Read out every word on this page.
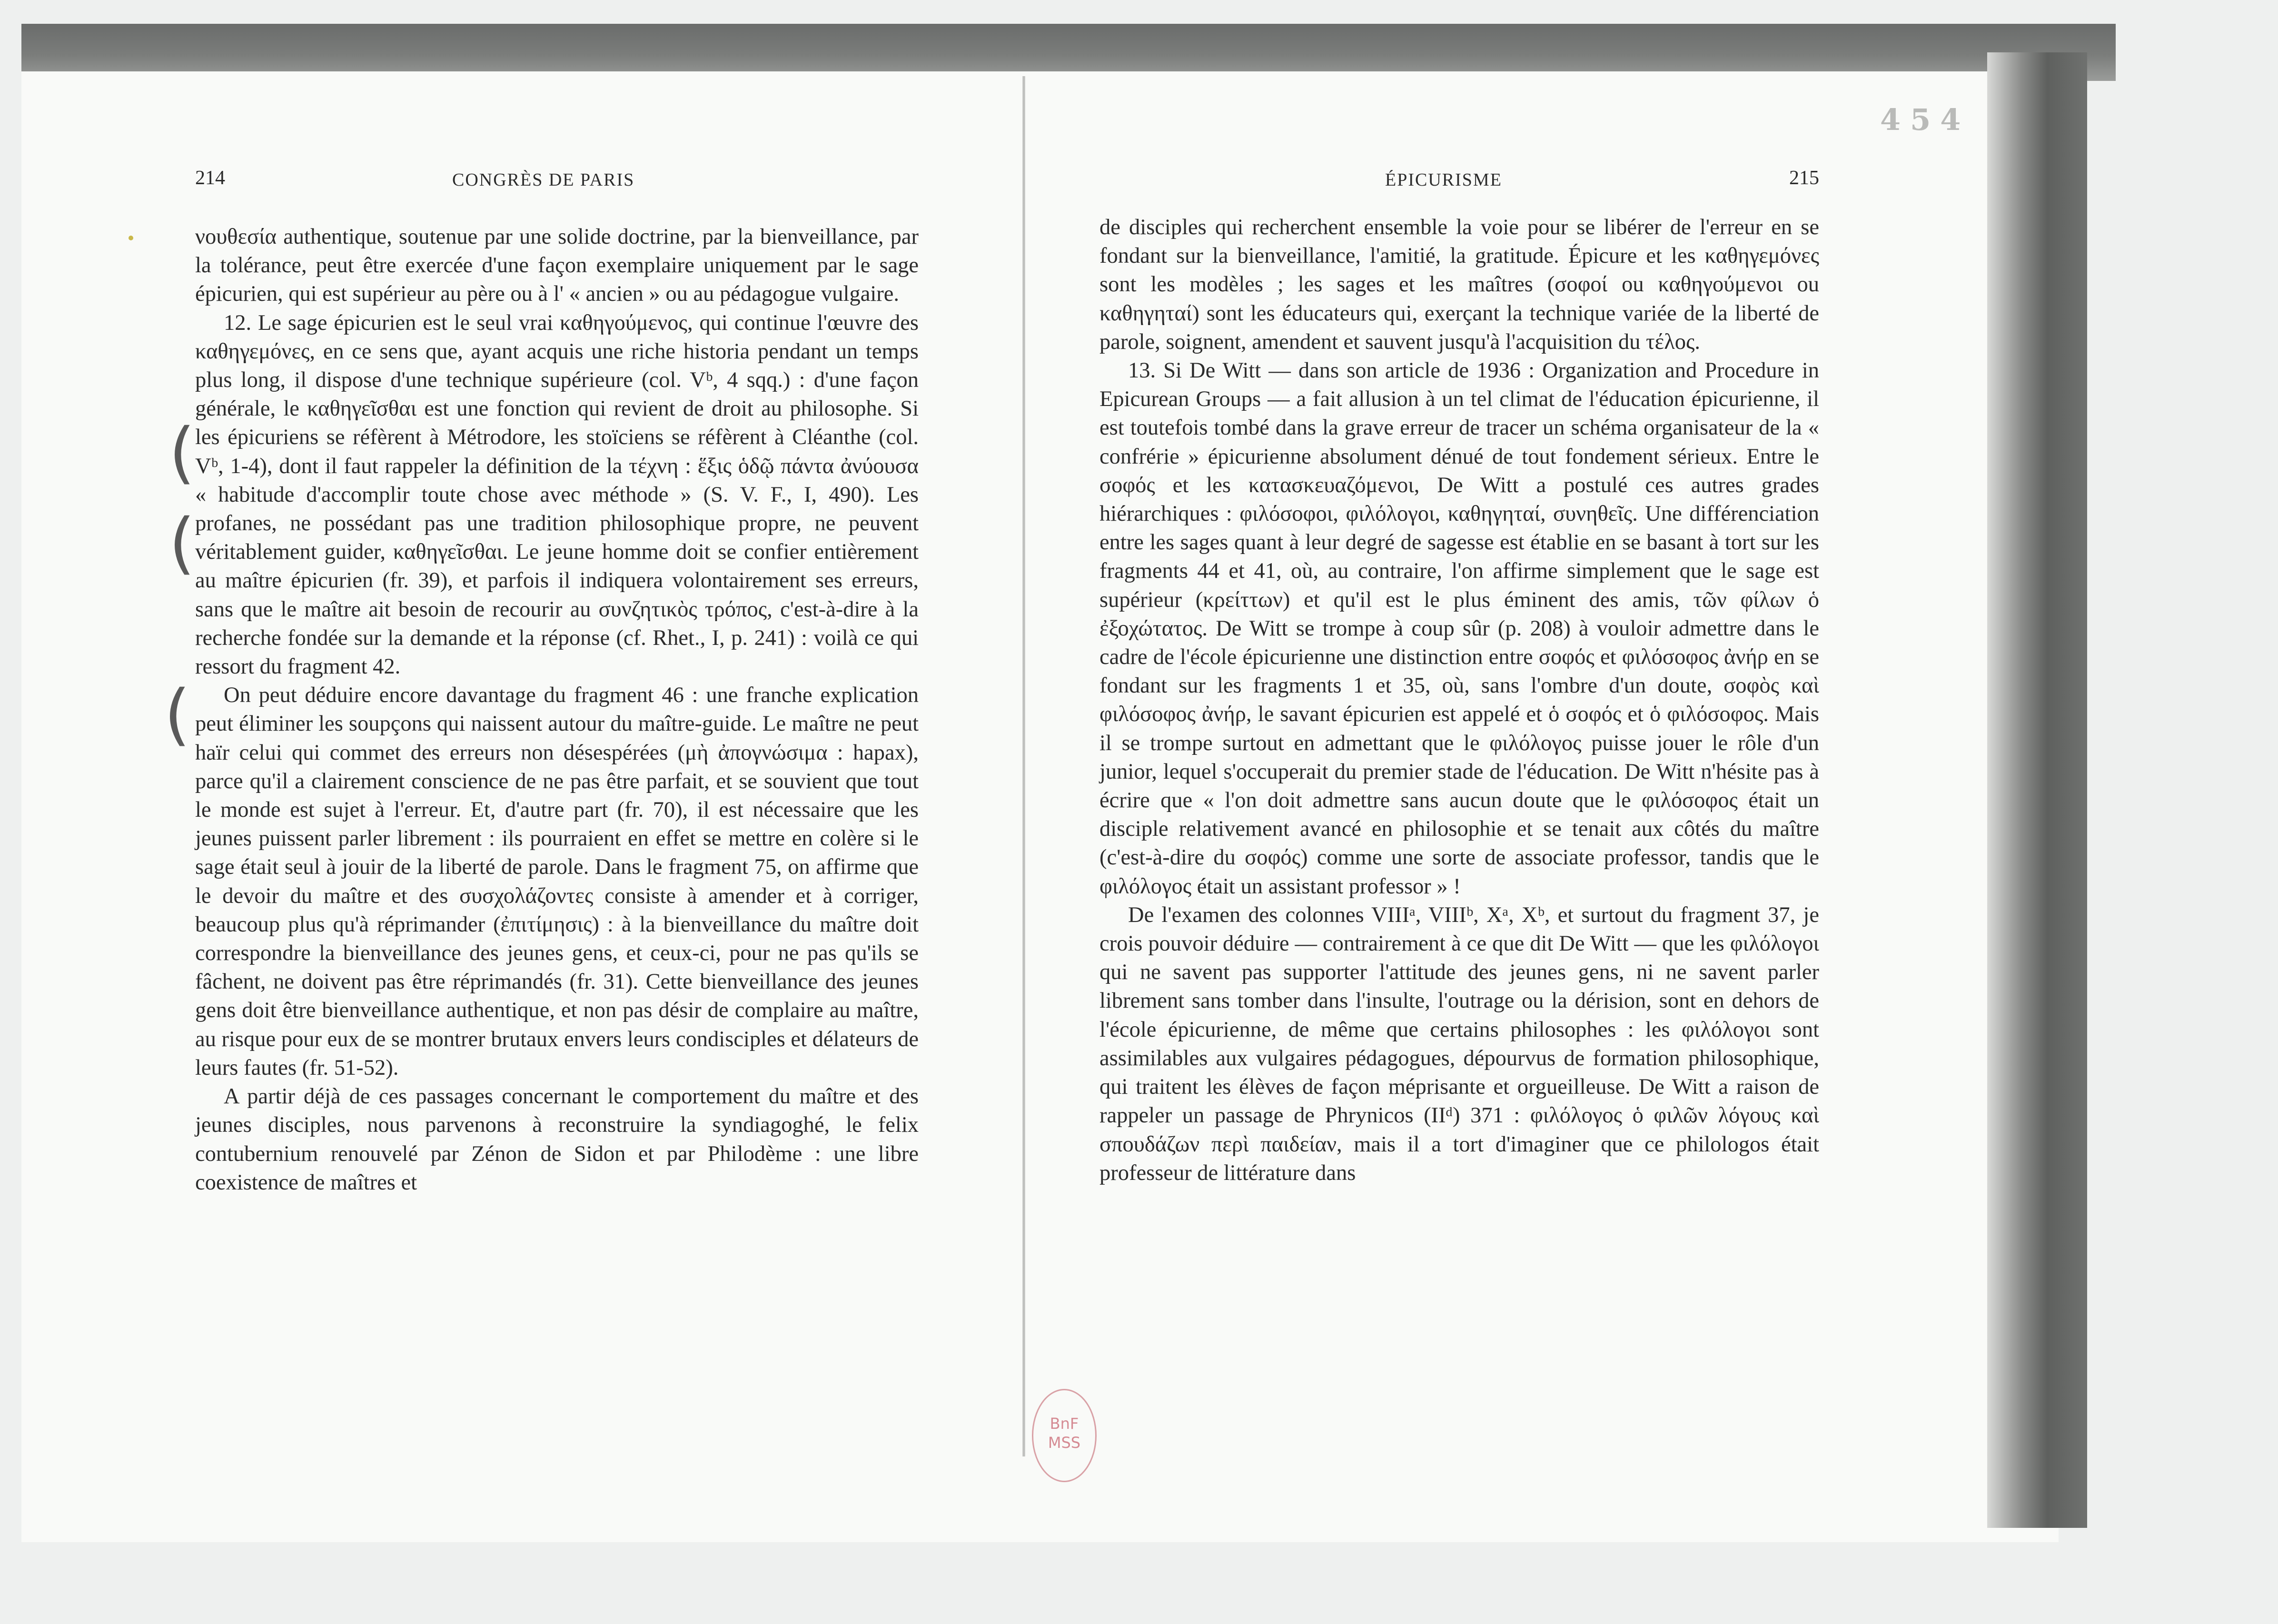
454
214	CONGRÈS DE PARIS

νουθεσία authentique, soutenue par une solide doctrine, par la bienveillance, par la tolérance, peut être exercée d'une façon exemplaire uniquement par le sage épicurien, qui est supérieur au père ou à l' « ancien » ou au pédagogue vulgaire.

12. Le sage épicurien est le seul vrai καθηγούμενος, qui continue l'œuvre des καθηγεμόνες, en ce sens que, ayant acquis une riche historia pendant un temps plus long, il dispose d'une technique supérieure (col. Vᵇ, 4 sqq.) : d'une façon générale, le καθηγεῖσθαι est une fonction qui revient de droit au philosophe. Si les épicuriens se réfèrent à Métrodore, les stoïciens se réfèrent à Cléanthe (col. Vᵇ, 1-4), dont il faut rappeler la définition de la τέχνη : ἕξις ὁδῷ πάντα ἀνύουσα « habitude d'accomplir toute chose avec méthode » (S. V. F., I, 490). Les profanes, ne possédant pas une tradition philosophique propre, ne peuvent véritablement guider, καθηγεῖσθαι. Le jeune homme doit se confier entièrement au maître épicurien (fr. 39), et parfois il indiquera volontairement ses erreurs, sans que le maître ait besoin de recourir au συνζητικὸς τρόπος, c'est-à-dire à la recherche fondée sur la demande et la réponse (cf. Rhet., I, p. 241) : voilà ce qui ressort du fragment 42.

On peut déduire encore davantage du fragment 46 : une franche explication peut éliminer les soupçons qui naissent autour du maître-guide. Le maître ne peut haïr celui qui commet des erreurs non désespérées (μὴ ἀπογνώσιμα : hapax), parce qu'il a clairement conscience de ne pas être parfait, et se souvient que tout le monde est sujet à l'erreur. Et, d'autre part (fr. 70), il est nécessaire que les jeunes puissent parler librement : ils pourraient en effet se mettre en colère si le sage était seul à jouir de la liberté de parole. Dans le fragment 75, on affirme que le devoir du maître et des συσχολάζοντες consiste à amender et à corriger, beaucoup plus qu'à réprimander (ἐπιτίμησις) : à la bienveillance du maître doit correspondre la bienveillance des jeunes gens, et ceux-ci, pour ne pas qu'ils se fâchent, ne doivent pas être réprimandés (fr. 31). Cette bienveillance des jeunes gens doit être bienveillance authentique, et non pas désir de complaire au maître, au risque pour eux de se montrer brutaux envers leurs condisciples et délateurs de leurs fautes (fr. 51-52).

A partir déjà de ces passages concernant le comportement du maître et des jeunes disciples, nous parvenons à reconstruire la syndiagoghé, le felix contubernium renouvelé par Zénon de Sidon et par Philodème : une libre coexistence de maîtres et

(
(
(
ÉPICURISME	215

de disciples qui recherchent ensemble la voie pour se libérer de l'erreur en se fondant sur la bienveillance, l'amitié, la gratitude. Épicure et les καθηγεμόνες sont les modèles ; les sages et les maîtres (σοφοί ou καθηγούμενοι ou καθηγηταί) sont les éducateurs qui, exerçant la technique variée de la liberté de parole, soignent, amendent et sauvent jusqu'à l'acquisition du τέλος.

13. Si De Witt — dans son article de 1936 : Organization and Procedure in Epicurean Groups — a fait allusion à un tel climat de l'éducation épicurienne, il est toutefois tombé dans la grave erreur de tracer un schéma organisateur de la « confrérie » épicurienne absolument dénué de tout fondement sérieux. Entre le σοφός et les κατασκευαζόμενοι, De Witt a postulé ces autres grades hiérarchiques : φιλόσοφοι, φιλόλογοι, καθηγηταί, συνηθεῖς. Une différenciation entre les sages quant à leur degré de sagesse est établie en se basant à tort sur les fragments 44 et 41, où, au contraire, l'on affirme simplement que le sage est supérieur (κρείττων) et qu'il est le plus éminent des amis, τῶν φίλων ὁ ἐξοχώτατος. De Witt se trompe à coup sûr (p. 208) à vouloir admettre dans le cadre de l'école épicurienne une distinction entre σοφός et φιλόσοφος ἀνήρ en se fondant sur les fragments 1 et 35, où, sans l'ombre d'un doute, σοφὸς καὶ φιλόσοφος ἀνήρ, le savant épicurien est appelé et ὁ σοφός et ὁ φιλόσοφος. Mais il se trompe surtout en admettant que le φιλόλογος puisse jouer le rôle d'un junior, lequel s'occuperait du premier stade de l'éducation. De Witt n'hésite pas à écrire que « l'on doit admettre sans aucun doute que le φιλόσοφος était un disciple relativement avancé en philosophie et se tenait aux côtés du maître (c'est-à-dire du σοφός) comme une sorte de associate professor, tandis que le φιλόλογος était un assistant professor » !

De l'examen des colonnes VIIIᵃ, VIIIᵇ, Xᵃ, Xᵇ, et surtout du fragment 37, je crois pouvoir déduire — contrairement à ce que dit De Witt — que les φιλόλογοι qui ne savent pas supporter l'attitude des jeunes gens, ni ne savent parler librement sans tomber dans l'insulte, l'outrage ou la dérision, sont en dehors de l'école épicurienne, de même que certains philosophes : les φιλόλογοι sont assimilables aux vulgaires pédagogues, dépourvus de formation philosophique, qui traitent les élèves de façon méprisante et orgueilleuse. De Witt a raison de rappeler un passage de Phrynicos (IIᵈ) 371 : φιλόλογος ὁ φιλῶν λόγους καὶ σπουδάζων περὶ παιδείαν, mais il a tort d'imaginer que ce philologos était professeur de littérature dans

BnF
MSS
